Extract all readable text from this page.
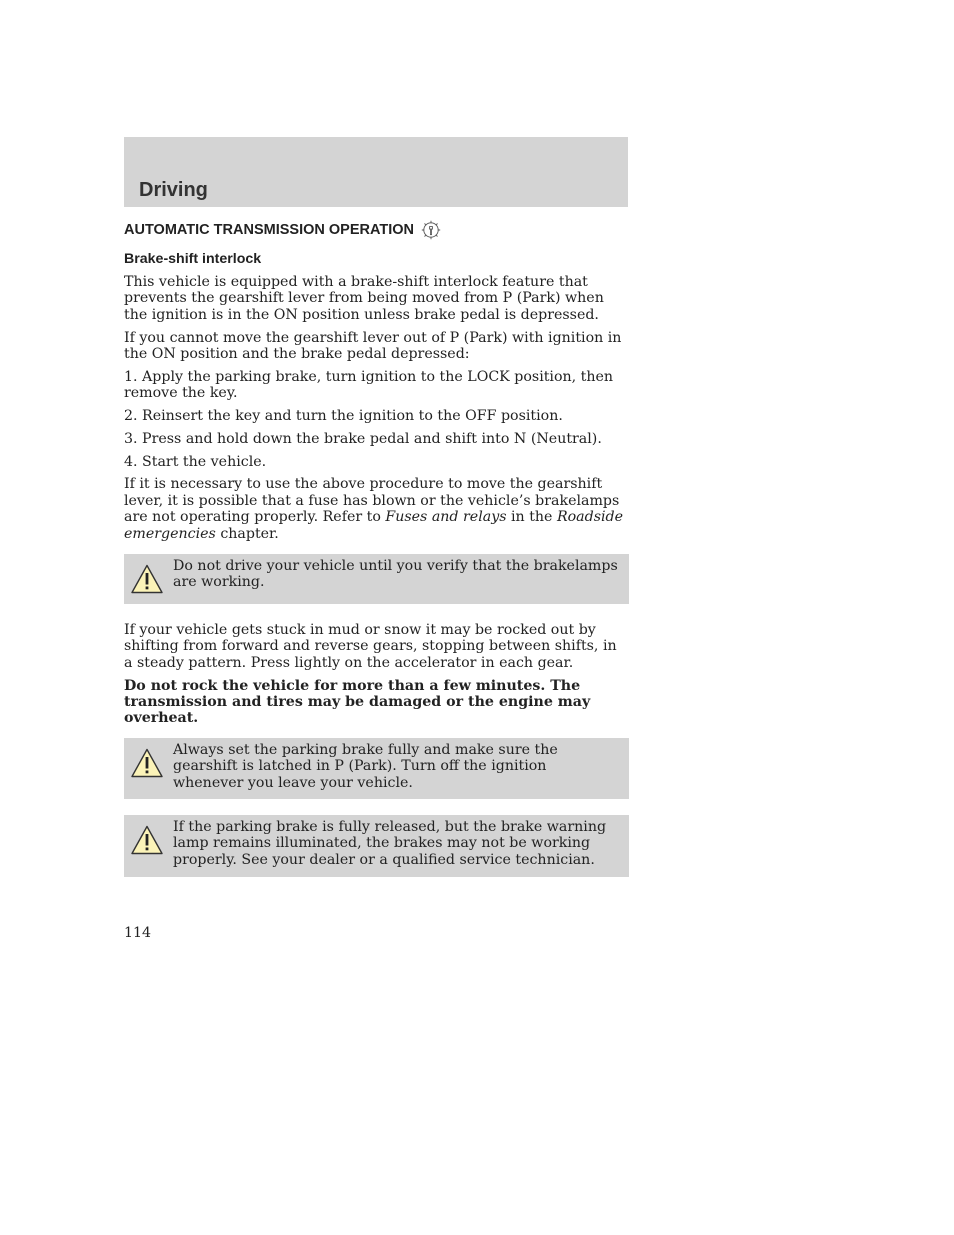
Driving
AUTOMATIC TRANSMISSION OPERATION
Brake-shift interlock

This vehicle is equipped with a brake-shift interlock feature that prevents the gearshift lever from being moved from P (Park) when the ignition is in the ON position unless brake pedal is depressed.

If you cannot move the gearshift lever out of P (Park) with ignition in the ON position and the brake pedal depressed:

1. Apply the parking brake, turn ignition to the LOCK position, then remove the key.

2. Reinsert the key and turn the ignition to the OFF position.

3. Press and hold down the brake pedal and shift into N (Neutral).

4. Start the vehicle.

If it is necessary to use the above procedure to move the gearshift lever, it is possible that a fuse has blown or the vehicle’s brakelamps are not operating properly. Refer to Fuses and relays in the Roadside emergencies chapter.

Do not drive your vehicle until you verify that the brakelamps are working.

If your vehicle gets stuck in mud or snow it may be rocked out by shifting from forward and reverse gears, stopping between shifts, in a steady pattern. Press lightly on the accelerator in each gear.

Do not rock the vehicle for more than a few minutes. The transmission and tires may be damaged or the engine may overheat.

Always set the parking brake fully and make sure the gearshift is latched in P (Park). Turn off the ignition whenever you leave your vehicle.
If the parking brake is fully released, but the brake warning lamp remains illuminated, the brakes may not be working properly. See your dealer or a qualified service technician.
114
